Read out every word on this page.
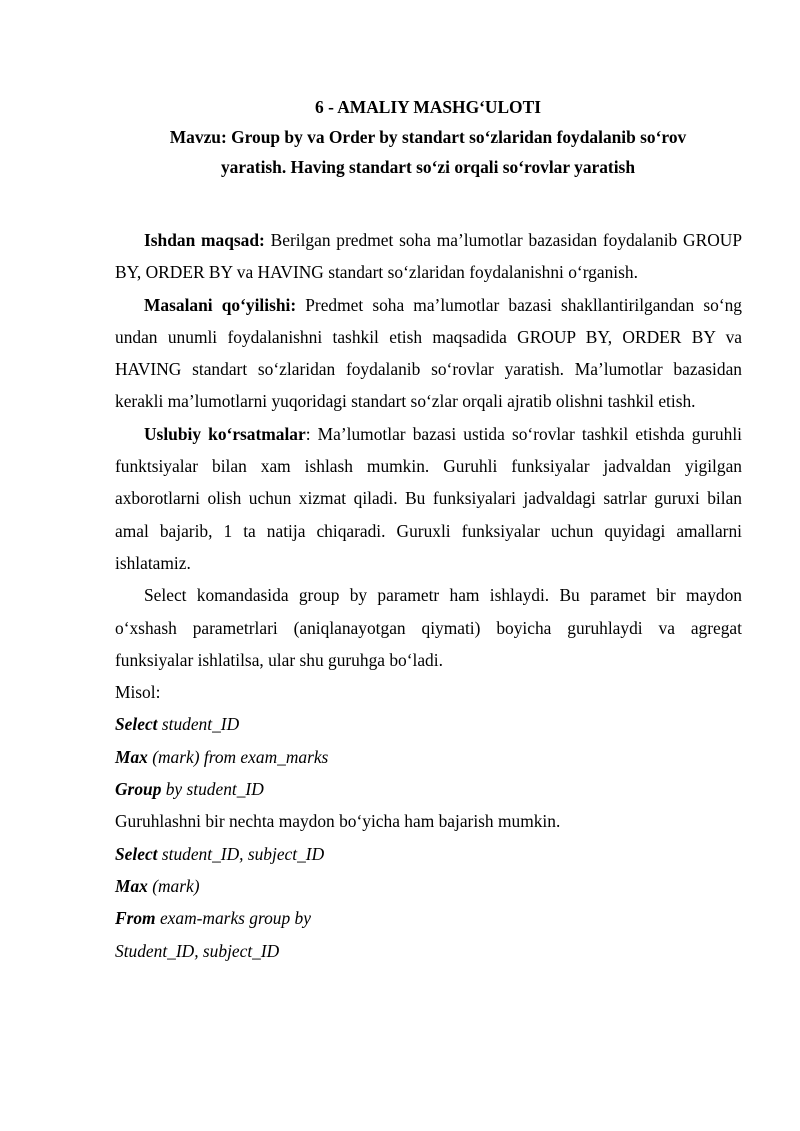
6 - AMALIY MASHG‘ULOTI
Mavzu: Group by va Order by standart so‘zlaridan foydalanib so‘rov
yaratish. Having standart so‘zi orqali so‘rovlar yaratish

Ishdan maqsad: Berilgan predmet soha ma’lumotlar bazasidan foydalanib GROUP BY, ORDER BY va HAVING standart so‘zlaridan foydalanishni o‘rganish.

Masalani qo‘yilishi: Predmet soha ma’lumotlar bazasi shakllantirilgandan so‘ng undan unumli foydalanishni tashkil etish maqsadida GROUP BY, ORDER BY va HAVING standart so‘zlaridan foydalanib so‘rovlar yaratish. Ma’lumotlar bazasidan kerakli ma’lumotlarni yuqoridagi standart so‘zlar orqali ajratib olishni tashkil etish.

Uslubiy ko‘rsatmalar: Ma’lumotlar bazasi ustida so‘rovlar tashkil etishda guruhli funktsiyalar bilan xam ishlash mumkin. Guruhli funksiyalar jadvaldan yigilgan axborotlarni olish uchun xizmat qiladi. Bu funksiyalari jadvaldagi satrlar guruxi bilan amal bajarib, 1 ta natija chiqaradi. Guruxli funksiyalar uchun quyidagi amallarni ishlatamiz.

Select komandasida group by parametr ham ishlaydi. Bu paramet bir maydon o‘xshash parametrlari (aniqlanayotgan qiymati) boyicha guruhlaydi va agregat funksiyalar ishlatilsa, ular shu guruhga bo‘ladi.

Misol:

Select student_ID

Max (mark) from exam_marks

Group by student_ID

Guruhlashni bir nechta maydon bo‘yicha ham bajarish mumkin.

Select student_ID, subject_ID

Max (mark)

From exam-marks group by

Student_ID, subject_ID
